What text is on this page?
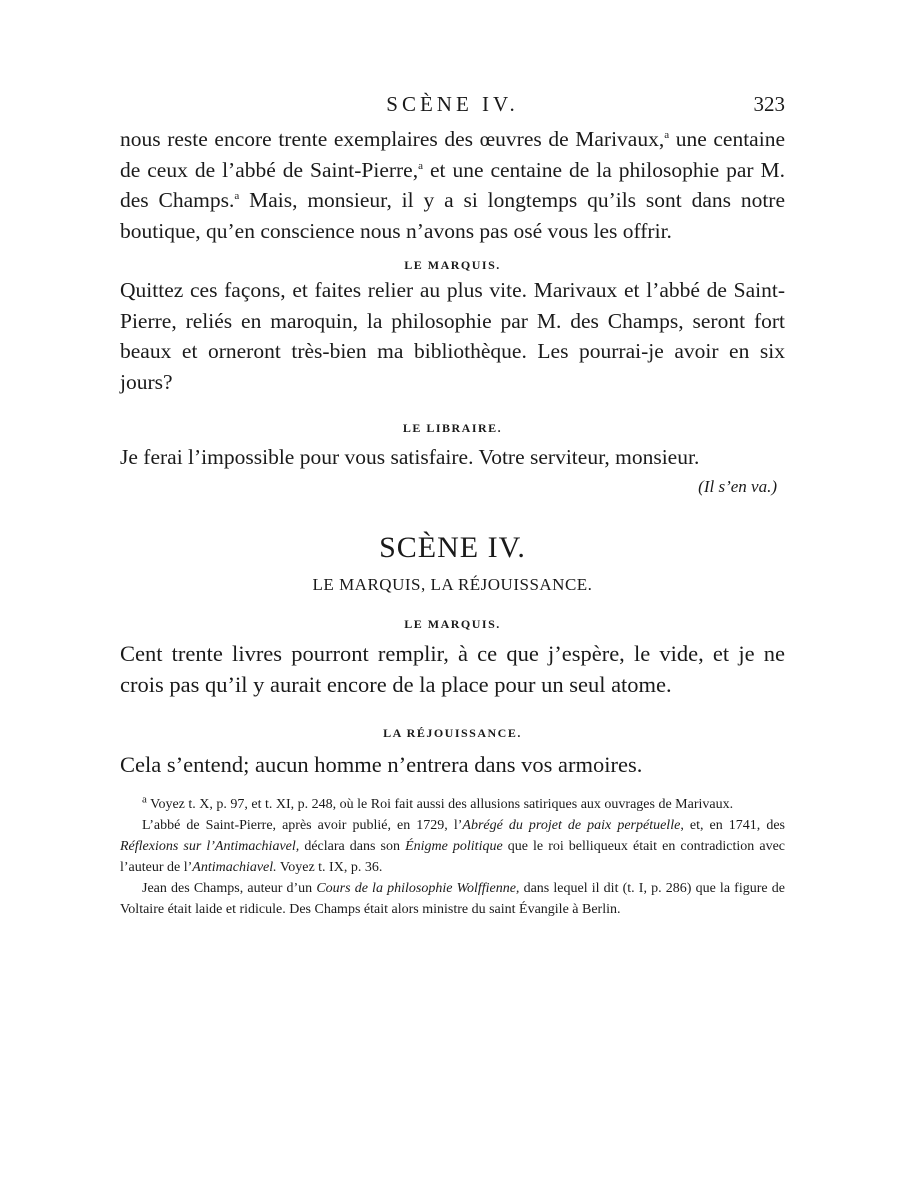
SCÈNE IV.	323

nous reste encore trente exemplaires des œuvres de Marivaux,$^a$ une centaine de ceux de l’abbé de Saint-Pierre,$^a$ et une centaine de la philosophie par M. des Champs.$^a$ Mais, monsieur, il y a si longtemps qu’ils sont dans notre boutique, qu’en conscience nous n’avons pas osé vous les offrir.

LE MARQUIS.

Quittez ces façons, et faites relier au plus vite. Marivaux et l’abbé de Saint-Pierre, reliés en maroquin, la philosophie par M. des Champs, seront fort beaux et orneront très-bien ma bibliothèque. Les pourrai-je avoir en six jours?

LE LIBRAIRE.

Je ferai l’impossible pour vous satisfaire. Votre serviteur, monsieur.

(Il s’en va.)

SCÈNE IV.

LE MARQUIS, LA RÉJOUISSANCE.

LE MARQUIS.

Cent trente livres pourront remplir, à ce que j’espère, le vide, et je ne crois pas qu’il y aurait encore de la place pour un seul atome.

LA RÉJOUISSANCE.

Cela s’entend; aucun homme n’entrera dans vos armoires.

$^a$ Voyez t. X, p. 97, et t. XI, p. 248, où le Roi fait aussi des allusions satiriques aux ouvrages de Marivaux.

L’abbé de Saint-Pierre, après avoir publié, en 1729, l’Abrégé du projet de paix perpétuelle, et, en 1741, des Réflexions sur l’Antimachiavel, déclara dans son Énigme politique que le roi belliqueux était en contradiction avec l’auteur de l’Antimachiavel. Voyez t. IX, p. 36.

Jean des Champs, auteur d’un Cours de la philosophie Wolffienne, dans lequel il dit (t. I, p. 286) que la figure de Voltaire était laide et ridicule. Des Champs était alors ministre du saint Évangile à Berlin.
